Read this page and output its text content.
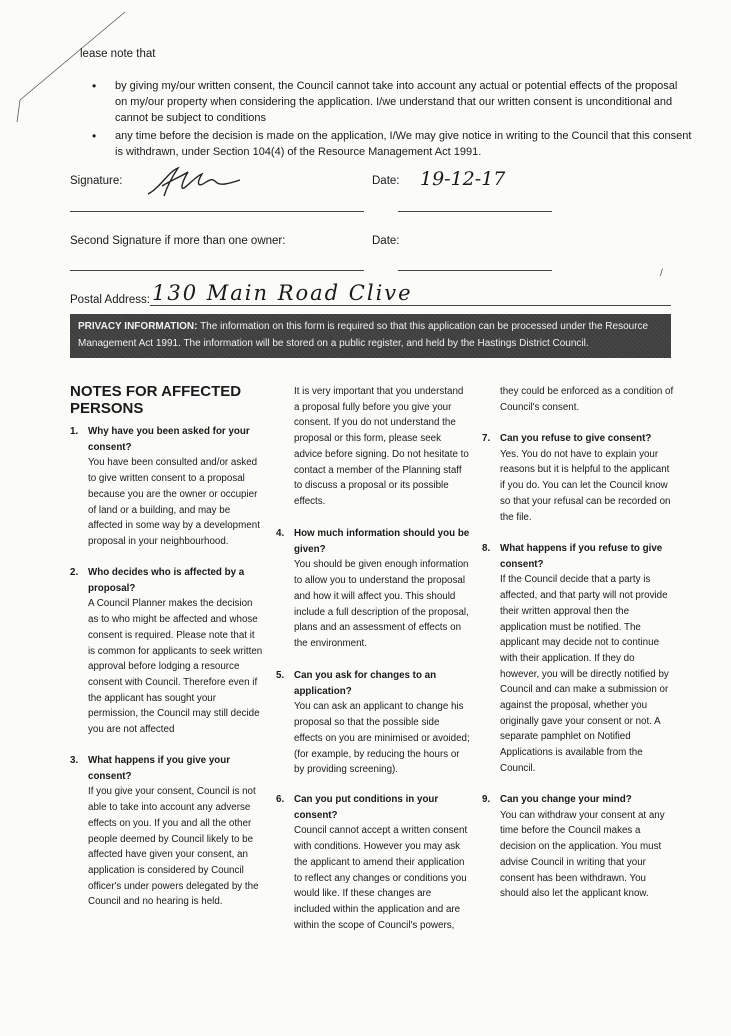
lease note that
• by giving my/our written consent, the Council cannot take into account any actual or potential effects of the proposal on my/our property when considering the application. I/we understand that our written consent is unconditional and cannot be subject to conditions
• any time before the decision is made on the application, I/We may give notice in writing to the Council that this consent is withdrawn, under Section 104(4) of the Resource Management Act 1991.
Signature:	Date: 19-12-17
Second Signature if more than one owner:	Date:
Postal Address: 130 Main Road Clive
PRIVACY INFORMATION: The information on this form is required so that this application can be processed under the Resource Management Act 1991. The information will be stored on a public register, and held by the Hastings District Council.
NOTES FOR AFFECTED PERSONS
1. Why have you been asked for your consent?
You have been consulted and/or asked to give written consent to a proposal because you are the owner or occupier of land or a building, and may be affected in some way by a development proposal in your neighbourhood.
2. Who decides who is affected by a proposal?
A Council Planner makes the decision as to who might be affected and whose consent is required. Please note that it is common for applicants to seek written approval before lodging a resource consent with Council. Therefore even if the applicant has sought your permission, the Council may still decide you are not affected
3. What happens if you give your consent?
If you give your consent, Council is not able to take into account any adverse effects on you. If you and all the other people deemed by Council likely to be affected have given your consent, an application is considered by Council officer's under powers delegated by the Council and no hearing is held.
It is very important that you understand a proposal fully before you give your consent. If you do not understand the proposal or this form, please seek advice before signing. Do not hesitate to contact a member of the Planning staff to discuss a proposal or its possible effects.
4. How much information should you be given?
You should be given enough information to allow you to understand the proposal and how it will affect you. This should include a full description of the proposal, plans and an assessment of effects on the environment.
5. Can you ask for changes to an application?
You can ask an applicant to change his proposal so that the possible side effects on you are minimised or avoided; (for example, by reducing the hours or by providing screening).
6. Can you put conditions in your consent?
Council cannot accept a written consent with conditions. However you may ask the applicant to amend their application to reflect any changes or conditions you would like. If these changes are included within the application and are within the scope of Council's powers,
they could be enforced as a condition of Council's consent.
7. Can you refuse to give consent?
Yes. You do not have to explain your reasons but it is helpful to the applicant if you do. You can let the Council know so that your refusal can be recorded on the file.
8. What happens if you refuse to give consent?
If the Council decide that a party is affected, and that party will not provide their written approval then the application must be notified. The applicant may decide not to continue with their application. If they do however, you will be directly notified by Council and can make a submission or against the proposal, whether you originally gave your consent or not. A separate pamphlet on Notified Applications is available from the Council.
9. Can you change your mind?
You can withdraw your consent at any time before the Council makes a decision on the application. You must advise Council in writing that your consent has been withdrawn. You should also let the applicant know.
/
